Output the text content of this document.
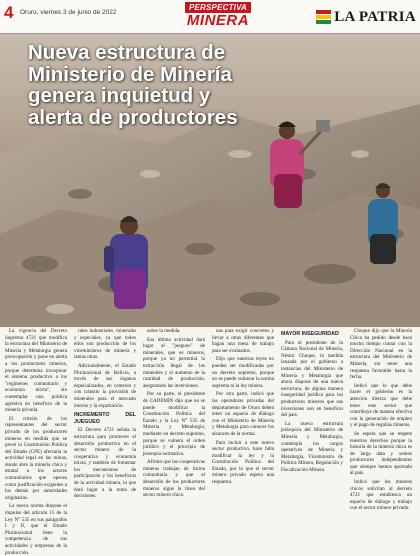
4 Oruro, viernes 3 de junio de 2022
PERSPECTIVA
MINERA	LA PATRIA
Nueva estructura de Ministerio de Minería genera inquietud y alerta de productores

La vigencia del Decreto Supremo 4721 que modifica la estructura del Ministerio de Minería y Metalurgia genera preocupación y pone en alerta a los productores mineros, porque determina incorporar el sistema productivo a los "regímenes comunitario y economía mixta", sin contemplar una política agresiva en beneficio de la minería privada.

El criterio de los representantes del sector privado de los productores mineros en medida que se prevé la Constitución Política del Estado (CPE) afectaría la actividad legal en las minas, donde abre la minería chica y estatal a los actores comunitarios que operan como justificación exigentes a los demás por autoridades originarias.

La nueva norma dispone el impulso del artículo 15 de la Ley N° 535 en sus parágrafos I y II, que el Estado Plurinacional tiene la competencia de sus actividades y empresas de la producción.

rales industriales, minerales y especiales, ya que todos ellos son producción de los viceministros de minería y tantas otras.

Adicionalmente, el Estado Plurinacional de Bolivia, a través de sus órganos especializados, en contexto y con tránsito la provisión de minerales para el mercado interno y la exportación.

INCREMENTO DEL JUEGUEO

El Decreto 4721 señala la estructura para promover el desarrollo productivo en el sector minero de la cooperativa y economía mixta, y también de fomentar los mecanismos de participación y los beneficios de la actividad minera, lo que dará lugar a la toma de decisiones.

sobre la medida.

Esa última actividad dará lugar al "juegueo" de minerales, que es mineros, porque ya no permitirá la extracción ilegal de los minerales y el aumento de la cantidad de producción, asegurando las inversiones.

Por su parte, el presidente de CADEMIN dijo que no se puede modificar la Constitución Política del Estado y la Ley N° 535 de Minería y Metalurgia, mediante un decreto supremo, porque se vulnera el orden jurídico y el principio de jerarquía normativa.

Afirmó que las cooperativas mineras trabajan de forma comunitaria y que el desarrollo de los productores mineros sigue la línea del sector minero chico.

nas para exigir concretos y llevar a otras diferentes que hagan una mesa de trabajo para ser evaluados.

Dijo que nuestras leyes no pueden ser modificadas por un decreto supremo, porque no se puede vulnerar la norma suprema ni la ley minera.

Por otra parte, indicó que las operadoras privadas del departamento de Oruro deben tener un espacio de diálogo con el Ministerio de Minería y Metalurgia para conocer los alcances de la norma.

Para incluir a este nuevo sector productivo, hace falta modificar la ley y la Constitución Política del Estado, por lo que el sector minero privado espera una respuesta.

MAYOR INSEGURIDAD

Para el presidente de la Cámara Nacional de Minería, Néstor Chuque, la medida lanzada por el gobierno a instancias del Ministerio de Minería y Metalurgia que ahora dispone de una nueva estructura, de alguna manera inseguridad jurídica para los productores mineros que sus inversiones son en beneficio del país.

La nueva estructura jerárquica del Ministerio de Minería y Metalurgia, contempla los cargos operativos de Minería y Metalurgia, Viceministro de Política Minera, Regulación y Fiscalización Minera.

Chuque dijo que la Minería Chica ha pedido desde hace mucho tiempo contar con la Dirección Nacional en la estructura del Ministerio de Minería, sin tener una respuesta favorable hasta la fecha.

Indicó que lo que debe hacer el gobierno es la atención directa que debe tener este sector que contribuye de manera efectiva con la generación de empleo y el pago de regalías mineras.

Se espera que se respete nuestros derechos porque la historia de la minería chica es de larga data y somos productores independientes que siempre hemos aportado al país.

Indicó que los mineros chicos solicitan al decreto 4721 que establezca un espacio de diálogo y trabajo con el sector minero privado.
